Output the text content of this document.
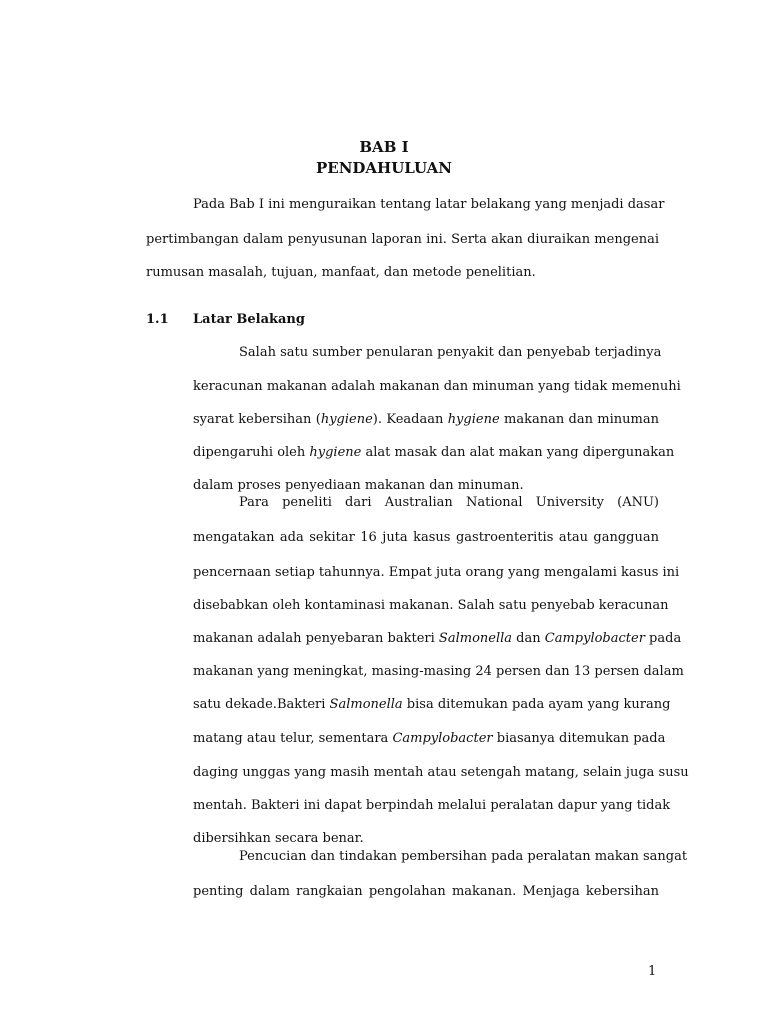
BAB I
PENDAHULUAN
Pada Bab I ini menguraikan tentang latar belakang yang menjadi dasar
pertimbangan dalam penyusunan laporan ini. Serta akan diuraikan mengenai
rumusan masalah, tujuan, manfaat, dan metode penelitian.
1.1 Latar Belakang
Salah satu sumber penularan penyakit dan penyebab terjadinya
keracunan makanan adalah makanan dan minuman yang tidak memenuhi
syarat kebersihan (hygiene). Keadaan hygiene makanan dan minuman
dipengaruhi oleh hygiene alat masak dan alat makan yang dipergunakan
dalam proses penyediaan makanan dan minuman.
Para peneliti dari Australian National University (ANU)
mengatakan ada sekitar 16 juta kasus gastroenteritis atau gangguan
pencernaan setiap tahunnya. Empat juta orang yang mengalami kasus ini
disebabkan oleh kontaminasi makanan. Salah satu penyebab keracunan
makanan adalah penyebaran bakteri Salmonella dan Campylobacter pada
makanan yang meningkat, masing-masing 24 persen dan 13 persen dalam
satu dekade.Bakteri Salmonella bisa ditemukan pada ayam yang kurang
matang atau telur, sementara Campylobacter biasanya ditemukan pada
daging unggas yang masih mentah atau setengah matang, selain juga susu
mentah. Bakteri ini dapat berpindah melalui peralatan dapur yang tidak
dibersihkan secara benar.
Pencucian dan tindakan pembersihan pada peralatan makan sangat
penting dalam rangkaian pengolahan makanan. Menjaga kebersihan
1
